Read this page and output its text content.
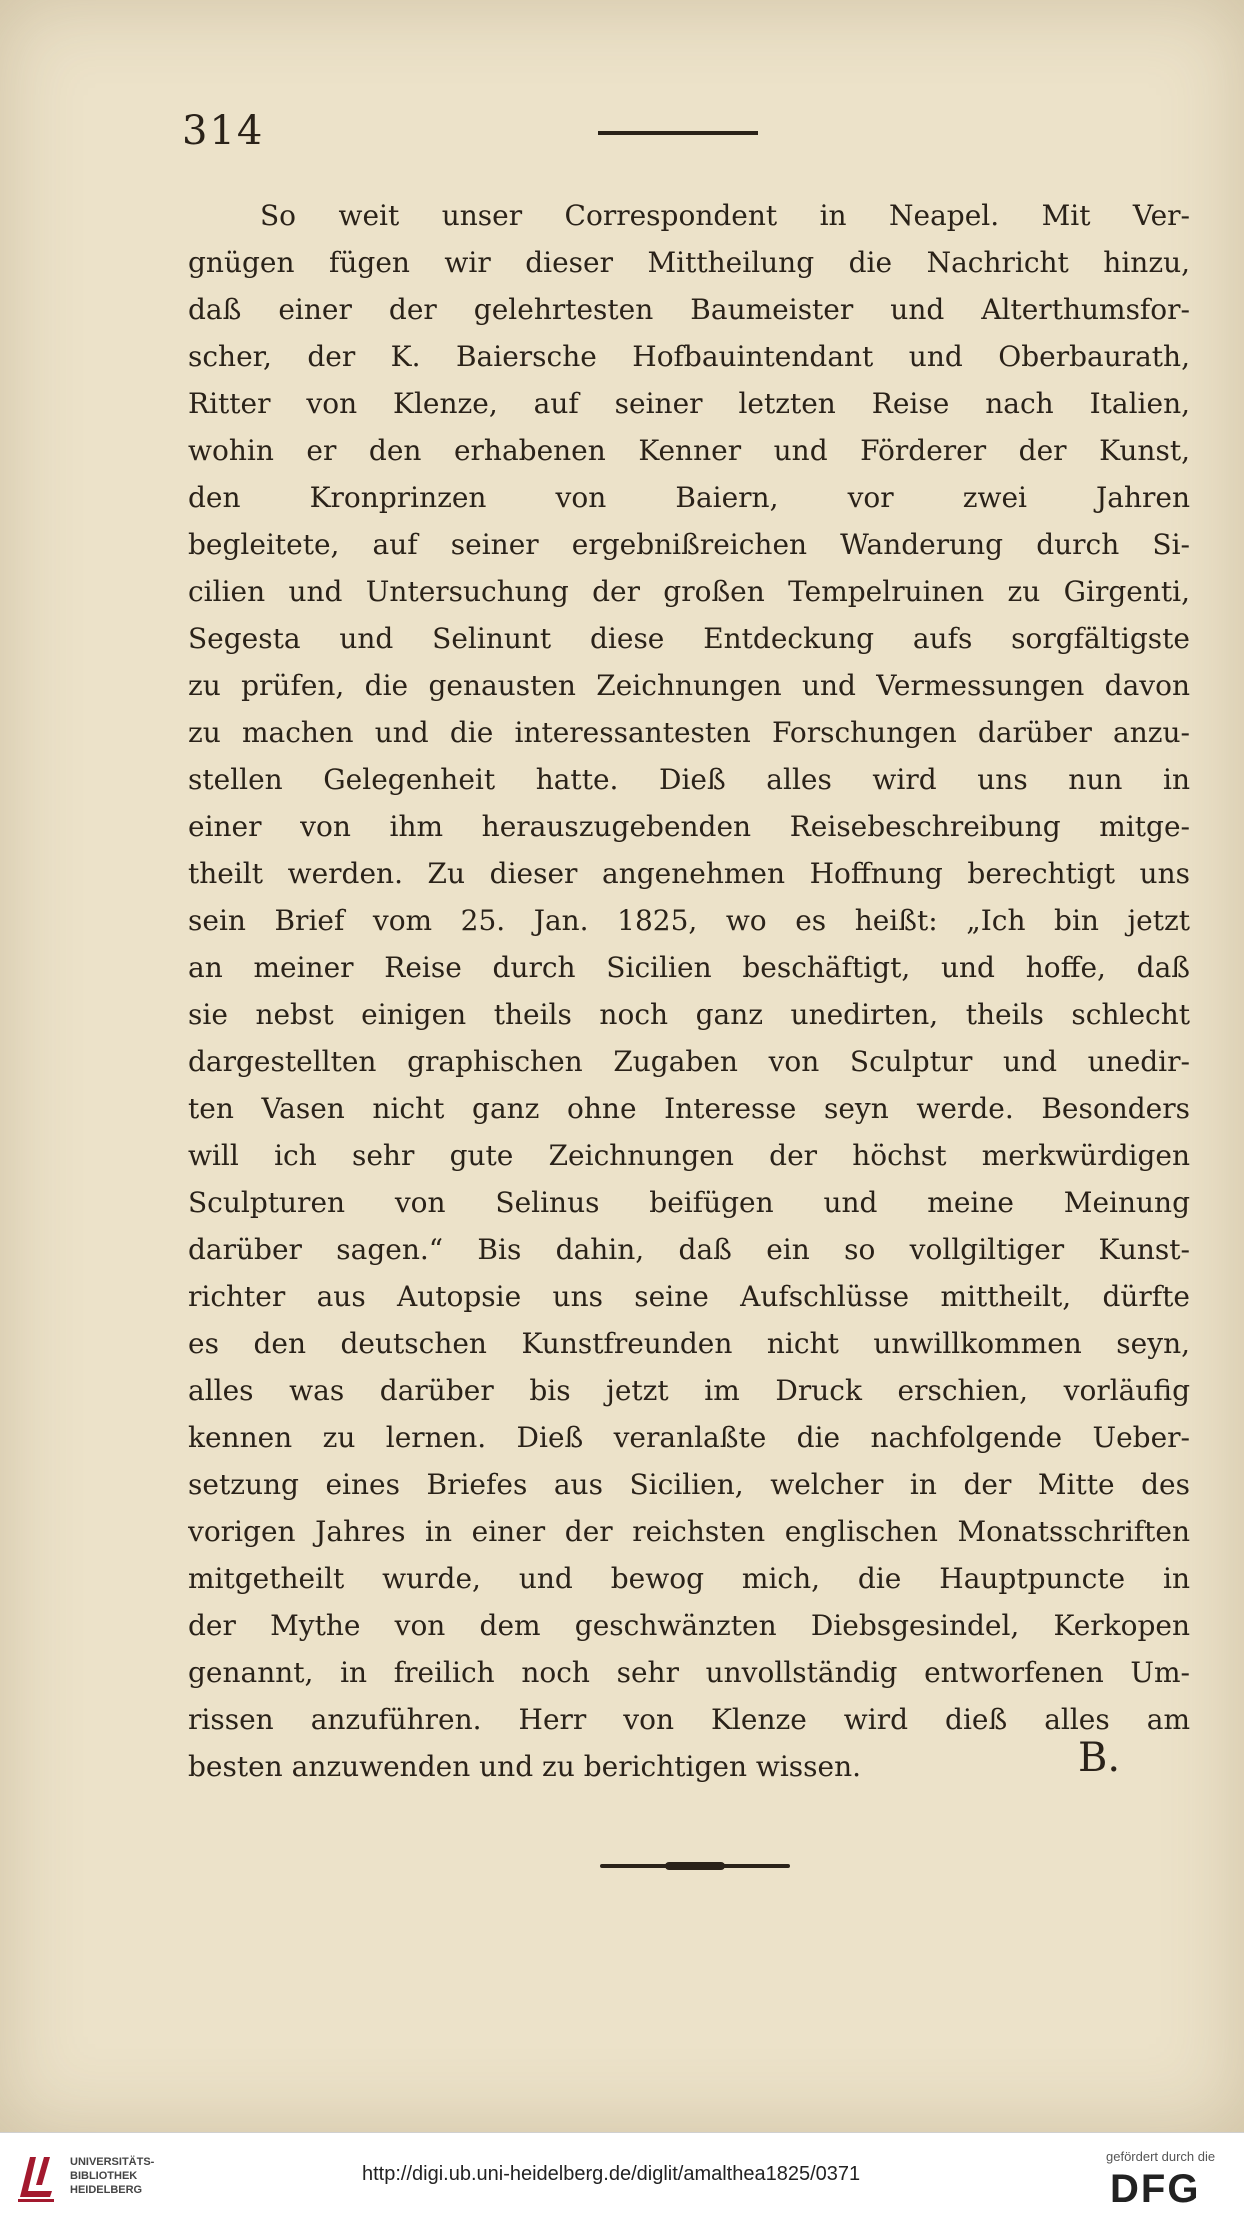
314
So weit unser Correspondent in Neapel. Mit Ver-
gnügen fügen wir dieser Mittheilung die Nachricht hinzu,
daß einer der gelehrtesten Baumeister und Alterthumsfor-
scher, der K. Baiersche Hofbauintendant und Oberbaurath,
Ritter von Klenze, auf seiner letzten Reise nach Italien,
wohin er den erhabenen Kenner und Förderer der Kunst,
den Kronprinzen von Baiern, vor zwei Jahren
begleitete, auf seiner ergebnißreichen Wanderung durch Si-
cilien und Untersuchung der großen Tempelruinen zu Girgenti,
Segesta und Selinunt diese Entdeckung aufs sorgfältigste
zu prüfen, die genausten Zeichnungen und Vermessungen davon
zu machen und die interessantesten Forschungen darüber anzu-
stellen Gelegenheit hatte. Dieß alles wird uns nun in
einer von ihm herauszugebenden Reisebeschreibung mitge-
theilt werden. Zu dieser angenehmen Hoffnung berechtigt uns
sein Brief vom 25. Jan. 1825, wo es heißt: „Ich bin jetzt
an meiner Reise durch Sicilien beschäftigt, und hoffe, daß
sie nebst einigen theils noch ganz unedirten, theils schlecht
dargestellten graphischen Zugaben von Sculptur und unedir-
ten Vasen nicht ganz ohne Interesse seyn werde. Besonders
will ich sehr gute Zeichnungen der höchst merkwürdigen
Sculpturen von Selinus beifügen und meine Meinung
darüber sagen.“ Bis dahin, daß ein so vollgiltiger Kunst-
richter aus Autopsie uns seine Aufschlüsse mittheilt, dürfte
es den deutschen Kunstfreunden nicht unwillkommen seyn,
alles was darüber bis jetzt im Druck erschien, vorläufig
kennen zu lernen. Dieß veranlaßte die nachfolgende Ueber-
setzung eines Briefes aus Sicilien, welcher in der Mitte des
vorigen Jahres in einer der reichsten englischen Monatsschriften
mitgetheilt wurde, und bewog mich, die Hauptpuncte in
der Mythe von dem geschwänzten Diebsgesindel, Kerkopen
genannt, in freilich noch sehr unvollständig entworfenen Um-
rissen anzuführen. Herr von Klenze wird dieß alles am
besten anzuwenden und zu berichtigen wissen.	B.
UNIVERSITÄTS-
BIBLIOTHEK
HEIDELBERG
http://digi.ub.uni-heidelberg.de/diglit/amalthea1825/0371
gefördert durch die
DFG
